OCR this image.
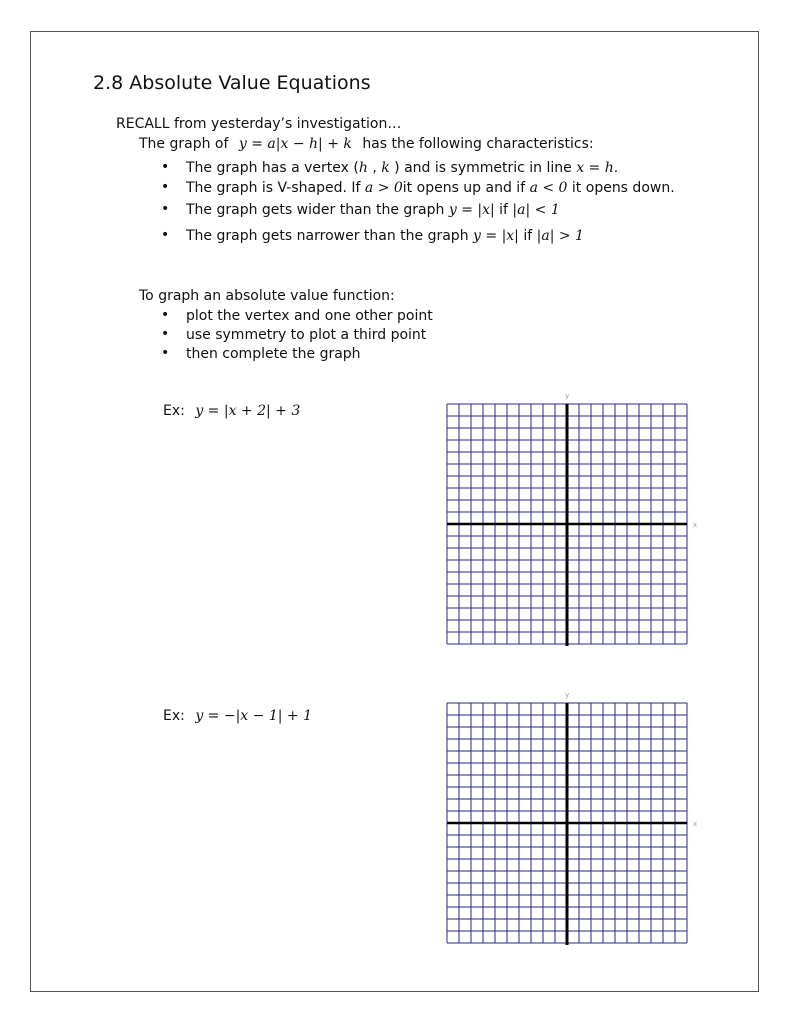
2.8 Absolute Value Equations
RECALL from yesterday’s investigation…
The graph of y = a|x − h| + k has the following characteristics:
• The graph has a vertex (h , k ) and is symmetric in line x = h.
• The graph is V-shaped. If a > 0it opens up and if a < 0 it opens down.
• The graph gets wider than the graph y = |x| if |a| < 1
• The graph gets narrower than the graph y = |x| if |a| > 1
To graph an absolute value function:
• plot the vertex and one other point
• use symmetry to plot a third point
• then complete the graph
Ex: y = |x + 2| + 3
Ex: y = −|x − 1| + 1
y
x
y
x
